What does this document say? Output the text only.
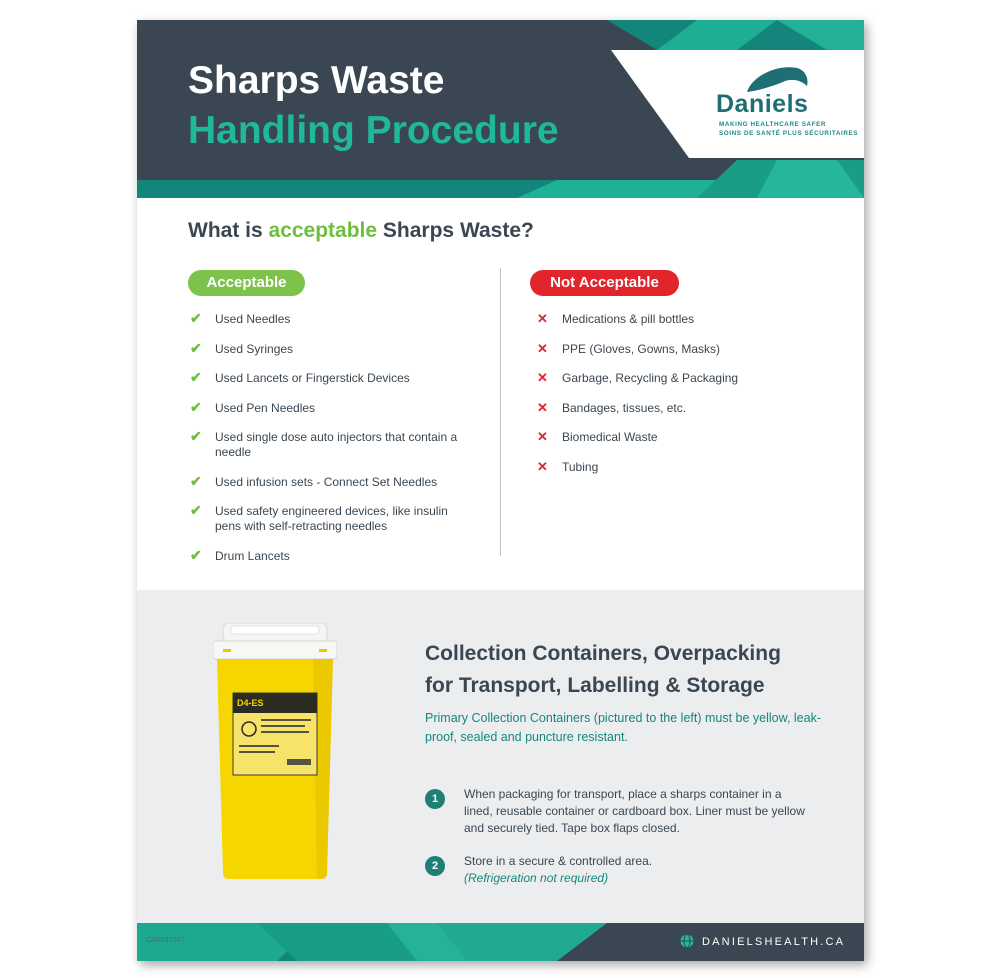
Sharps Waste
Handling Procedure
Daniels
MAKING HEALTHCARE SAFER
SOINS DE SANTÉ PLUS SÉCURITAIRES
What is acceptable Sharps Waste?
Acceptable	Not Acceptable
✔ Used Needles
✔ Used Syringes
✔ Used Lancets or Fingerstick Devices
✔ Used Pen Needles
✔ Used single dose auto injectors that contain a needle
✔ Used infusion sets - Connect Set Needles
✔ Used safety engineered devices, like insulin pens with self-retracting needles
✔ Drum Lancets
✕ Medications & pill bottles
✕ PPE (Gloves, Gowns, Masks)
✕ Garbage, Recycling & Packaging
✕ Bandages, tissues, etc.
✕ Biomedical Waste
✕ Tubing
D4-ES
Collection Containers, Overpacking
for Transport, Labelling & Storage

Primary Collection Containers (pictured to the left) must be yellow, leak-proof, sealed and puncture resistant.

1	When packaging for transport, place a sharps container in a lined, reusable container or cardboard box. Liner must be yellow and securely tied. Tape box flaps closed.
2	Store in a secure & controlled area.
(Refrigeration not required)
CAN231047	DANIELSHEALTH.CA
